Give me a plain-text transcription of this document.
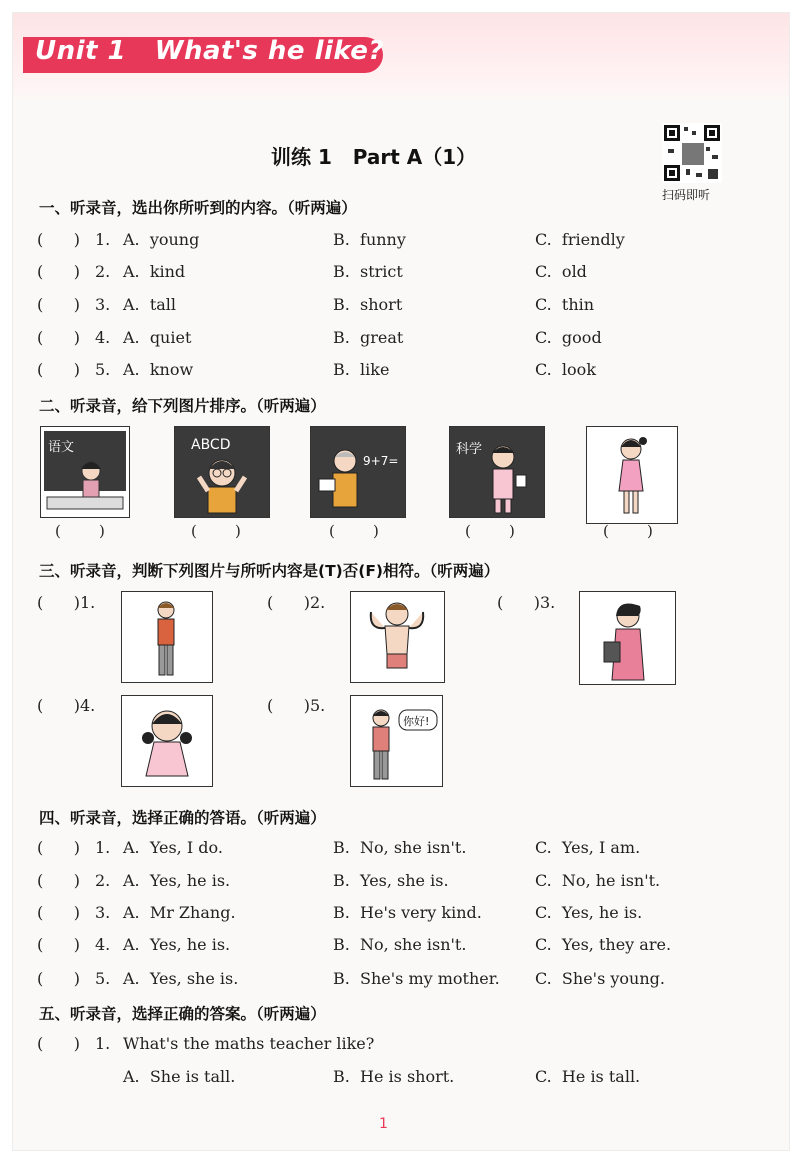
Unit 1   What's he like?
训练 1   Part A（1）
扫码即听
一、听录音，选出你所听到的内容。（听两遍）
(      ) 1. A.  young	B.  funny	C.  friendly
(      ) 2. A.  kind	B.  strict	C.  old
(      ) 3. A.  tall	B.  short	C.  thin
(      ) 4. A.  quiet	B.  great	C.  good
(      ) 5. A.  know	B.  like	C.  look
二、听录音，给下列图片排序。（听两遍）
语文
(        )
ABCD
(        )
9+7=
(        )
科学
(        )	(        )
三、听录音，判断下列图片与所听内容是(T)否(F)相符。（听两遍）
(      )1.	(      )2.	(      )3.
(      )4.	(      )5.
你好!
四、听录音，选择正确的答语。（听两遍）
(      ) 1. A.  Yes, I do.	B.  No, she isn't.	C.  Yes, I am.
(      ) 2. A.  Yes, he is.	B.  Yes, she is.	C.  No, he isn't.
(      ) 3. A.  Mr Zhang.	B.  He's very kind.	C.  Yes, he is.
(      ) 4. A.  Yes, he is.	B.  No, she isn't.	C.  Yes, they are.
(      ) 5. A.  Yes, she is.	B.  She's my mother. C.  She's young.
五、听录音，选择正确的答案。（听两遍）
(      ) 1. What's the maths teacher like?
A.  She is tall.	B.  He is short.	C.  He is tall.
1
